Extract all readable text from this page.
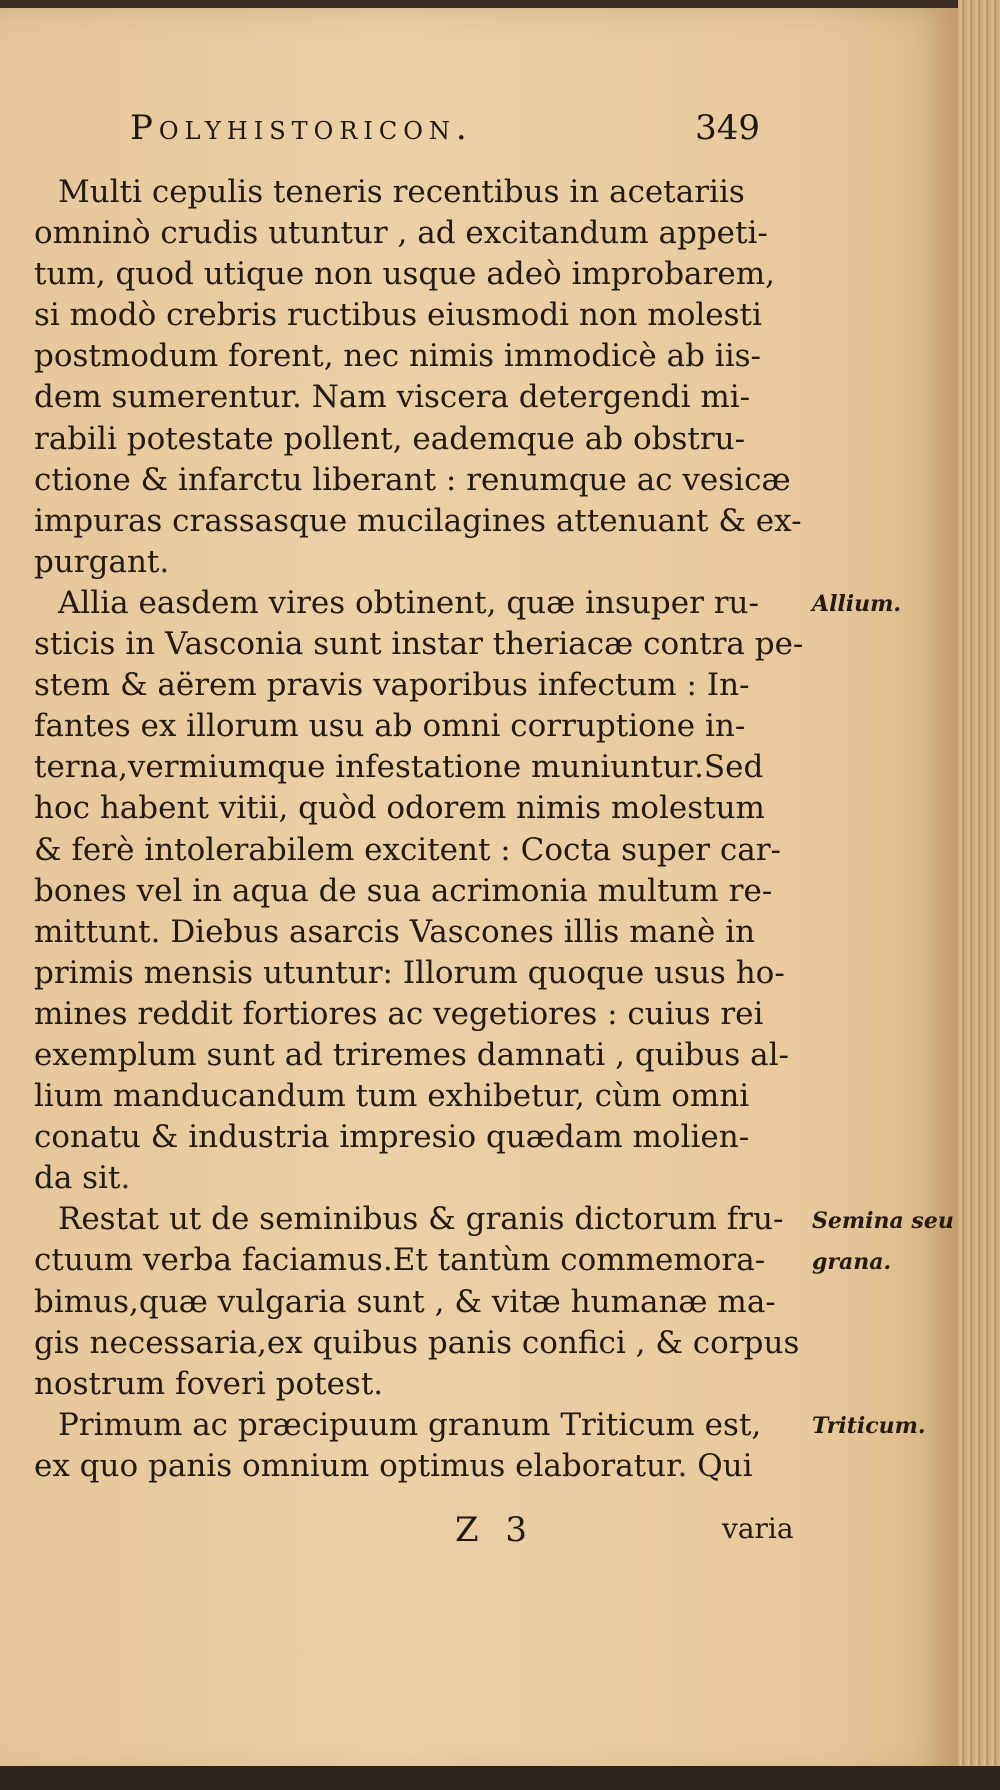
Polyhistoricon.	349
Multi cepulis teneris recentibus in acetariis
omninò crudis utuntur , ad excitandum appeti-
tum, quod utique non usque adeò improbarem,
si modò crebris ructibus eiusmodi non molesti
postmodum forent, nec nimis immodicè ab iis-
dem sumerentur. Nam viscera detergendi mi-
rabili potestate pollent, eademque ab obstru-
ctione & infarctu liberant : renumque ac vesicæ
impuras crassasque mucilagines attenuant & ex-
purgant.
Allia easdem vires obtinent, quæ insuper ru-
sticis in Vasconia sunt instar theriacæ contra pe-
stem & aërem pravis vaporibus infectum : In-
fantes ex illorum usu ab omni corruptione in-
terna,vermiumque infestatione muniuntur.Sed
hoc habent vitii, quòd odorem nimis molestum
& ferè intolerabilem excitent : Cocta super car-
bones vel in aqua de sua acrimonia multum re-
mittunt. Diebus asarcis Vascones illis manè in
primis mensis utuntur: Illorum quoque usus ho-
mines reddit fortiores ac vegetiores : cuius rei
exemplum sunt ad triremes damnati , quibus al-
lium manducandum tum exhibetur, cùm omni
conatu & industria impresio quædam molien-
da sit.
Restat ut de seminibus & granis dictorum fru-
ctuum verba faciamus.Et tantùm commemora-
bimus,quæ vulgaria sunt , & vitæ humanæ ma-
gis necessaria,ex quibus panis confici , & corpus
nostrum foveri potest.
Primum ac præcipuum granum Triticum est,
ex quo panis omnium optimus elaboratur. Qui
Allium.
Semina seu
grana.
Triticum.
Z 3	varia
